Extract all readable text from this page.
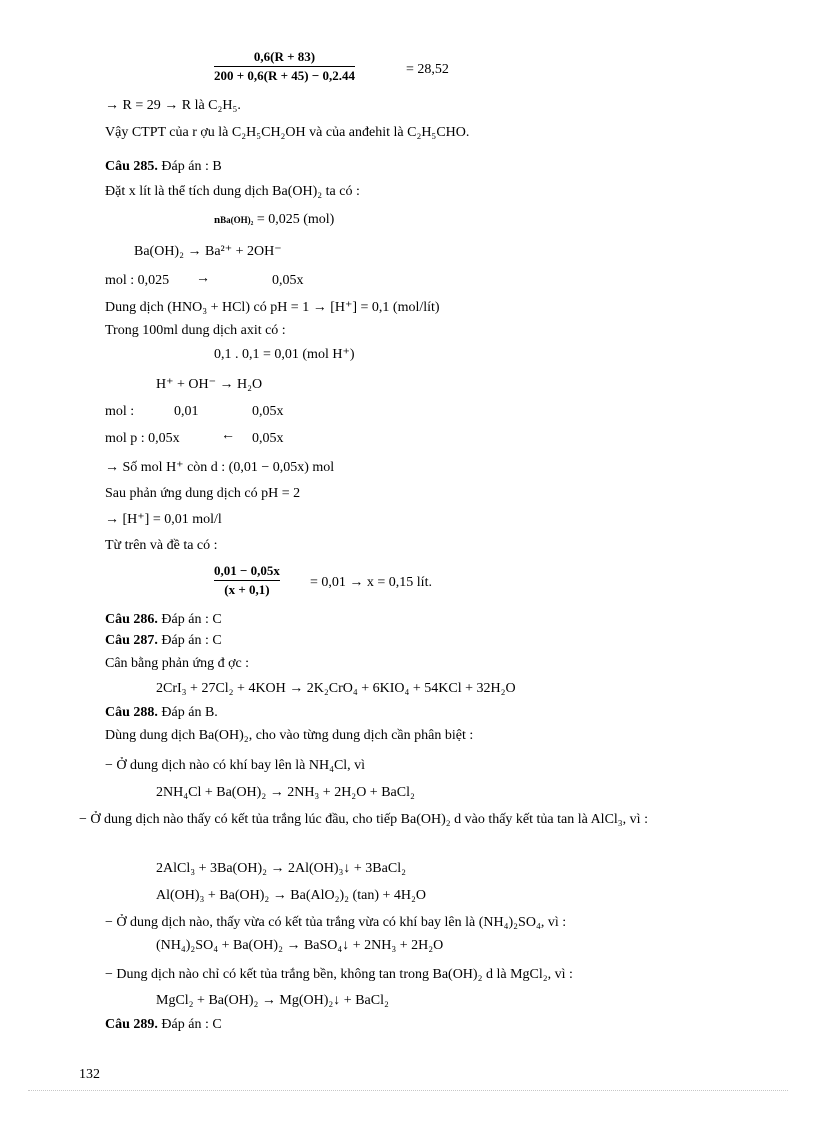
0,6(R + 83)
200 + 0,6(R + 45) − 0,2.44	= 28,52
→ R = 29 → R là C₂H₅.
Vậy CTPT của r ợu là C₂H₅CH₂OH và của anđehit là C₂H₅CHO.
Câu 285. Đáp án : B
Đặt x lít là thể tích dung dịch Ba(OH)₂ ta có :
nBa(OH)₂ = 0,025 (mol)
Ba(OH)₂ → Ba²⁺ + 2OH⁻
mol : 0,025 →	0,05x
Dung dịch (HNO₃ + HCl) có pH = 1 → [H⁺] = 0,1 (mol/lít)
Trong 100ml dung dịch axit có :
0,1 . 0,1 = 0,01 (mol H⁺)
H⁺ + OH⁻ → H₂O
mol :	0,01	0,05x
mol p : 0,05x	← 0,05x
→ Số mol H⁺ còn d : (0,01 − 0,05x) mol
Sau phản ứng dung dịch có pH = 2
→ [H⁺] = 0,01 mol/l
Từ trên và đề ta có :
0,01 − 0,05x
(x + 0,1)	= 0,01 → x = 0,15 lít.
Câu 286. Đáp án : C
Câu 287. Đáp án : C
Cân bằng phản ứng đ ợc :
2CrI₃ + 27Cl₂ + 4KOH → 2K₂CrO₄ + 6KIO₄ + 54KCl + 32H₂O
Câu 288. Đáp án B.
Dùng dung dịch Ba(OH)₂, cho vào từng dung dịch cần phân biệt :
− Ở dung dịch nào có khí bay lên là NH₄Cl, vì
2NH₄Cl + Ba(OH)₂ → 2NH₃ + 2H₂O + BaCl₂
− Ở dung dịch nào thấy có kết tủa trắng lúc đầu, cho tiếp Ba(OH)₂ d vào thấy kết tủa tan là AlCl₃, vì :
2AlCl₃ + 3Ba(OH)₂ → 2Al(OH)₃↓ + 3BaCl₂
Al(OH)₃ + Ba(OH)₂ → Ba(AlO₂)₂ (tan) + 4H₂O
− Ở dung dịch nào, thấy vừa có kết tủa trắng vừa có khí bay lên là (NH₄)₂SO₄, vì :
(NH₄)₂SO₄ + Ba(OH)₂ → BaSO₄↓ + 2NH₃ + 2H₂O
− Dung dịch nào chỉ có kết tủa trắng bền, không tan trong Ba(OH)₂ d là MgCl₂, vì :
MgCl₂ + Ba(OH)₂ → Mg(OH)₂↓ + BaCl₂
Câu 289. Đáp án : C
132
